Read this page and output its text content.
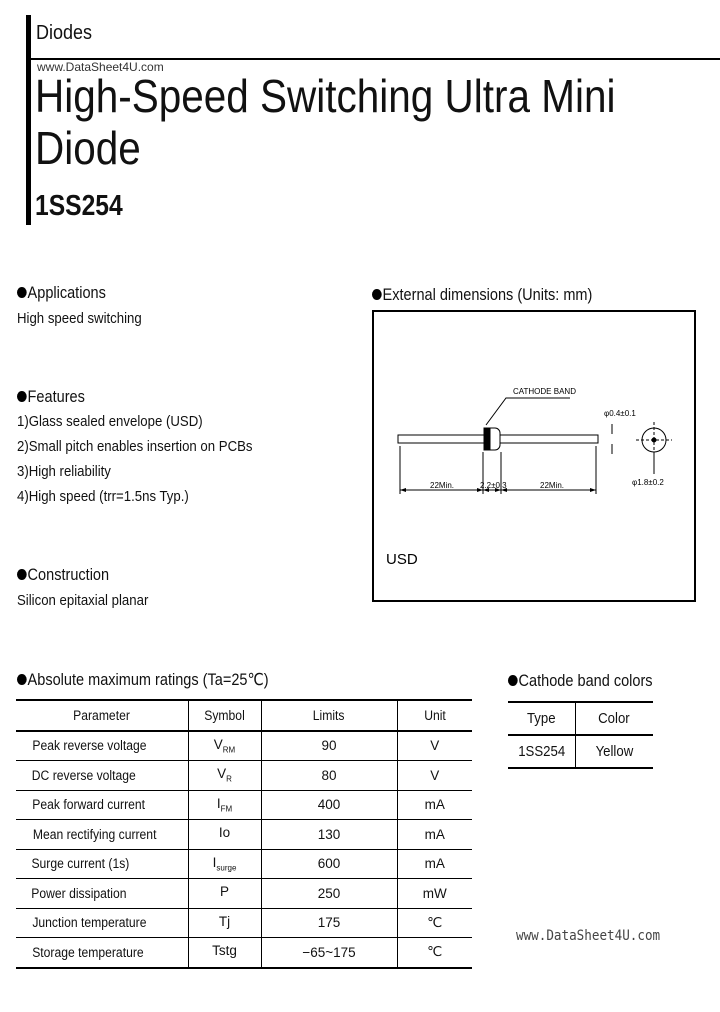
Diodes
www.DataSheet4U.com
High-Speed Switching Ultra Mini
Diode
1SS254
Applications
High speed switching
Features
1)Glass sealed envelope (USD)
2)Small pitch enables insertion on PCBs
3)High reliability
4)High speed (trr=1.5ns Typ.)
Construction
Silicon epitaxial planar
External dimensions (Units: mm)
CATHODE BAND
φ0.4±0.1
φ1.8±0.2
22Min.	2.2±0.3	22Min.
USD
Absolute maximum ratings (Ta=25℃)
Parameter	Symbol	Limits	Unit
Peak reverse voltage	$V_{RM}$	90	V
DC reverse voltage	$V_R$	80	V
Peak forward current	$I_{FM}$	400	mA
Mean rectifying current	Io	130	mA
Surge current (1s)	$I_{surge}$	600	mA
Power dissipation	P	250	mW
Junction temperature	Tj	175	℃
Storage temperature	Tstg	−65~175	℃
Cathode band colors
Type	Color
1SS254	Yellow
www.DataSheet4U.com
